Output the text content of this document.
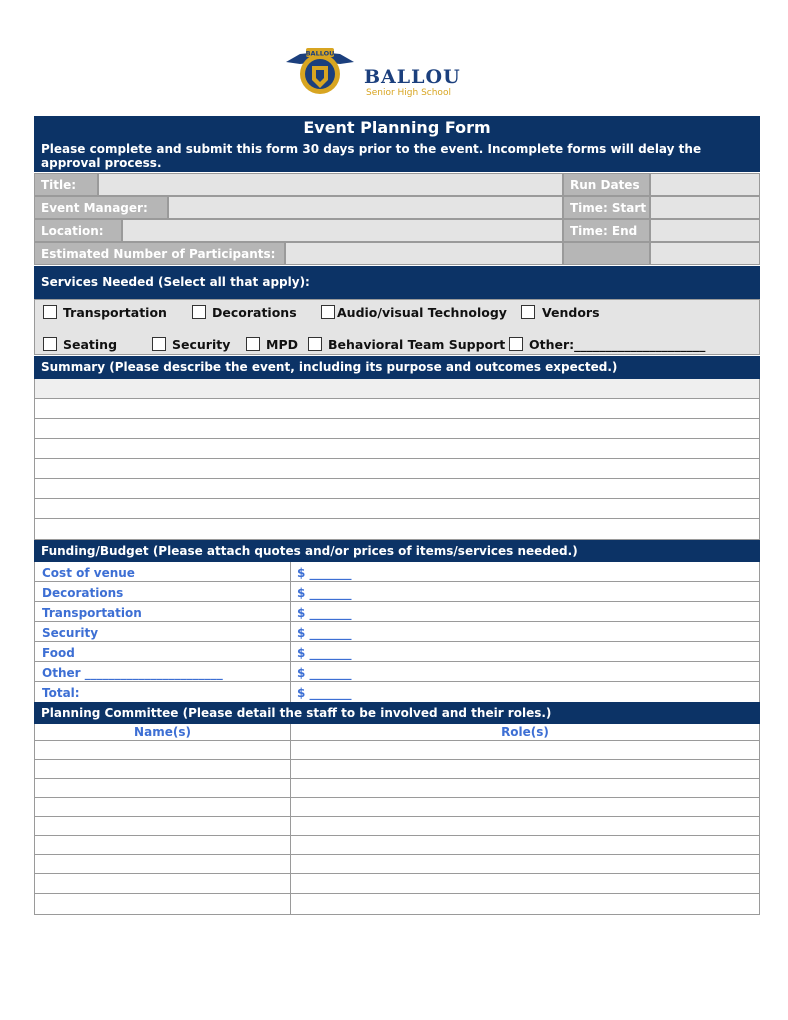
BALLOU
BALLOU
Senior High School
Event Planning Form
Please complete and submit this form 30 days prior to the event. Incomplete forms will delay the approval process.
Title:	Run Dates
Event Manager:	Time: Start
Location:	Time: End
Estimated Number of Participants:
Services Needed (Select all that apply):
Transportation	Decorations	Audio/visual Technology	Vendors
Seating	Security	MPD Behavioral Team Support Other:_____________________
Summary (Please describe the event, including its purpose and outcomes expected.)
Funding/Budget (Please attach quotes and/or prices of items/services needed.)
Cost of venue	$ _______
Decorations	$ _______
Transportation	$ _______
Security	$ _______
Food	$ _______
Other _______________________	$ _______
Total:	$ _______
Planning Committee (Please detail the staff to be involved and their roles.)
Name(s)	Role(s)
